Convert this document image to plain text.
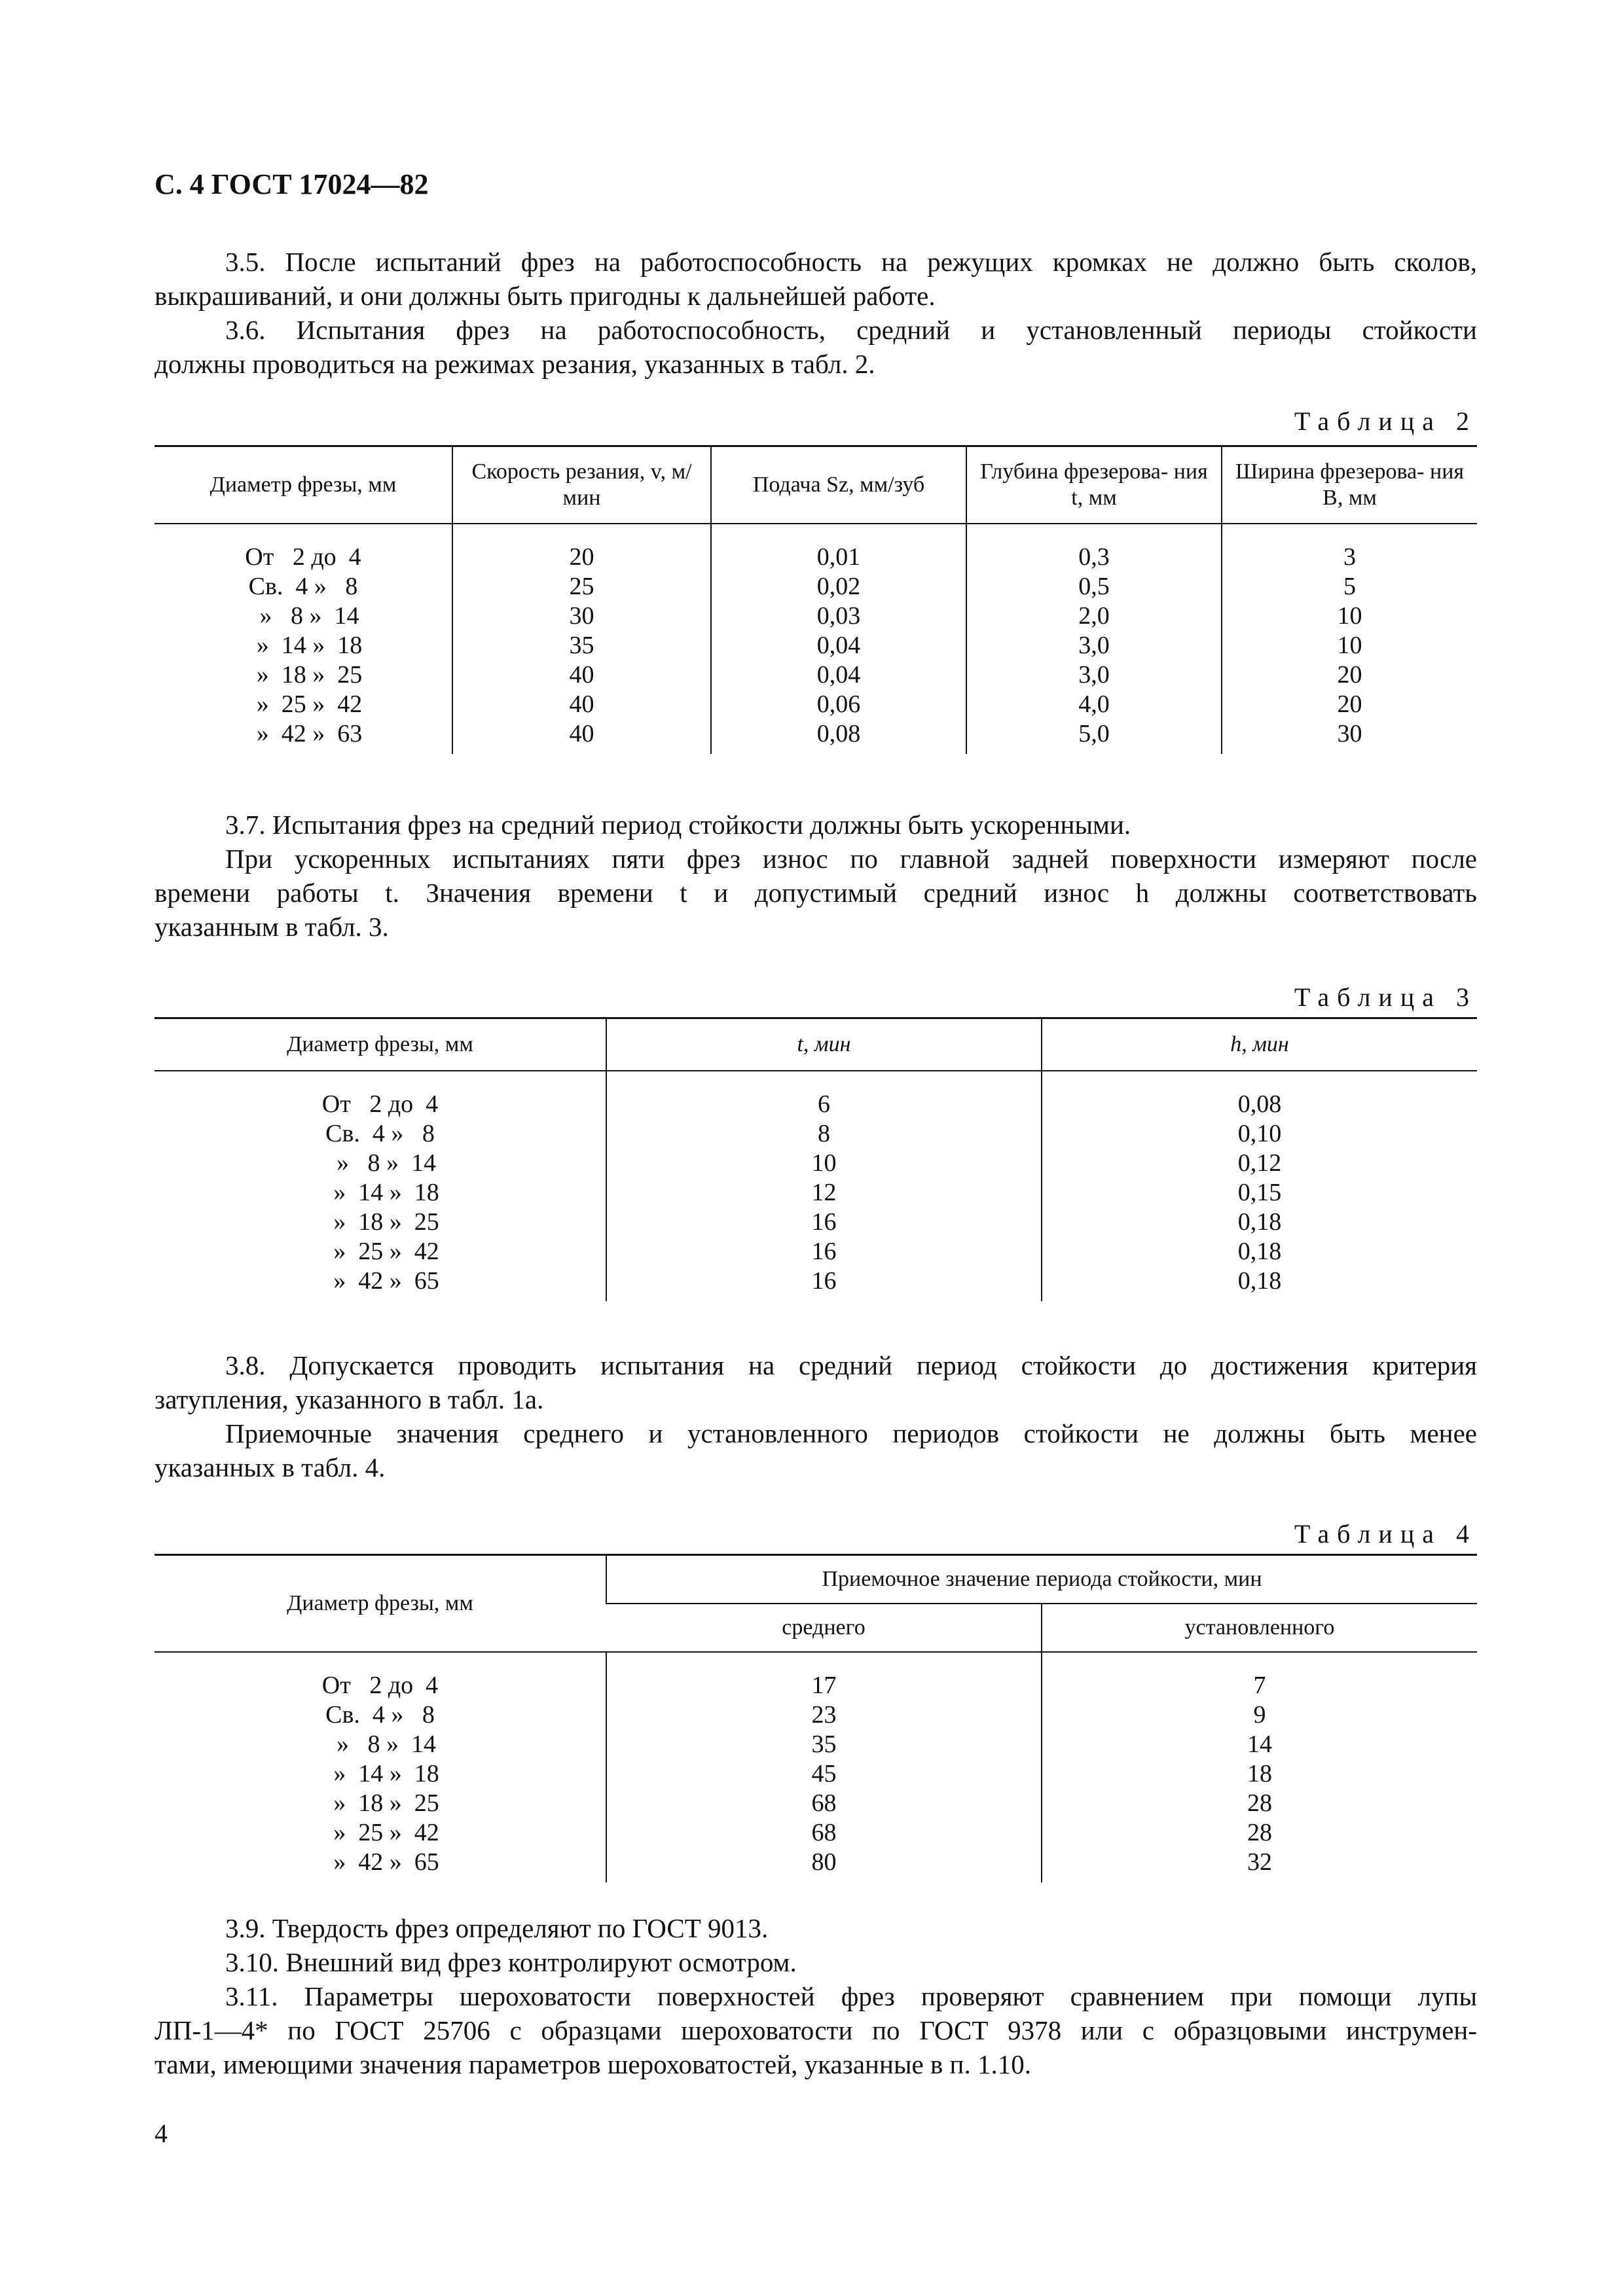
С. 4 ГОСТ 17024—82
3.5. После испытаний фрез на работоспособность на режущих кромках не должно быть сколов,
выкрашиваний, и они должны быть пригодны к дальнейшей работе.
3.6. Испытания фрез на работоспособность, средний и установленный периоды стойкости
должны проводиться на режимах резания, указанных в табл. 2.
Таблица 2
Диаметр фрезы, мм	Скорость резания, v, м/мин	Подача Sz, мм/зуб	Глубина фрезерова- ния t, мм	Ширина фрезерова- ния B, мм
От   2 до  4	20	0,01	0,3	3
Св.  4 »   8	25	0,02	0,5	5
»   8 »  14	30	0,03	2,0	10
»  14 »  18	35	0,04	3,0	10
»  18 »  25	40	0,04	3,0	20
»  25 »  42	40	0,06	4,0	20
»  42 »  63	40	0,08	5,0	30
3.7. Испытания фрез на средний период стойкости должны быть ускоренными.
При ускоренных испытаниях пяти фрез износ по главной задней поверхности измеряют после
времени работы t. Значения времени t и допустимый средний износ h должны соответствовать
указанным в табл. 3.
Таблица 3
Диаметр фрезы, мм	t, мин	h, мин
От   2 до  4	6	0,08
Св.  4 »   8	8	0,10
»   8 »  14	10	0,12
»  14 »  18	12	0,15
»  18 »  25	16	0,18
»  25 »  42	16	0,18
»  42 »  65	16	0,18
3.8. Допускается проводить испытания на средний период стойкости до достижения критерия
затупления, указанного в табл. 1а.
Приемочные значения среднего и установленного периодов стойкости не должны быть менее
указанных в табл. 4.
Таблица 4
Диаметр фрезы, мм	Приемочное значение периода стойкости, мин	
	среднего	установленного
От   2 до  4	17	7
Св.  4 »   8	23	9
»   8 »  14	35	14
»  14 »  18	45	18
»  18 »  25	68	28
»  25 »  42	68	28
»  42 »  65	80	32
3.9. Твердость фрез определяют по ГОСТ 9013.
3.10. Внешний вид фрез контролируют осмотром.
3.11. Параметры шероховатости поверхностей фрез проверяют сравнением при помощи лупы
ЛП-1—4* по ГОСТ 25706 с образцами шероховатости по ГОСТ 9378 или с образцовыми инструмен-
тами, имеющими значения параметров шероховатостей, указанные в п. 1.10.
4
